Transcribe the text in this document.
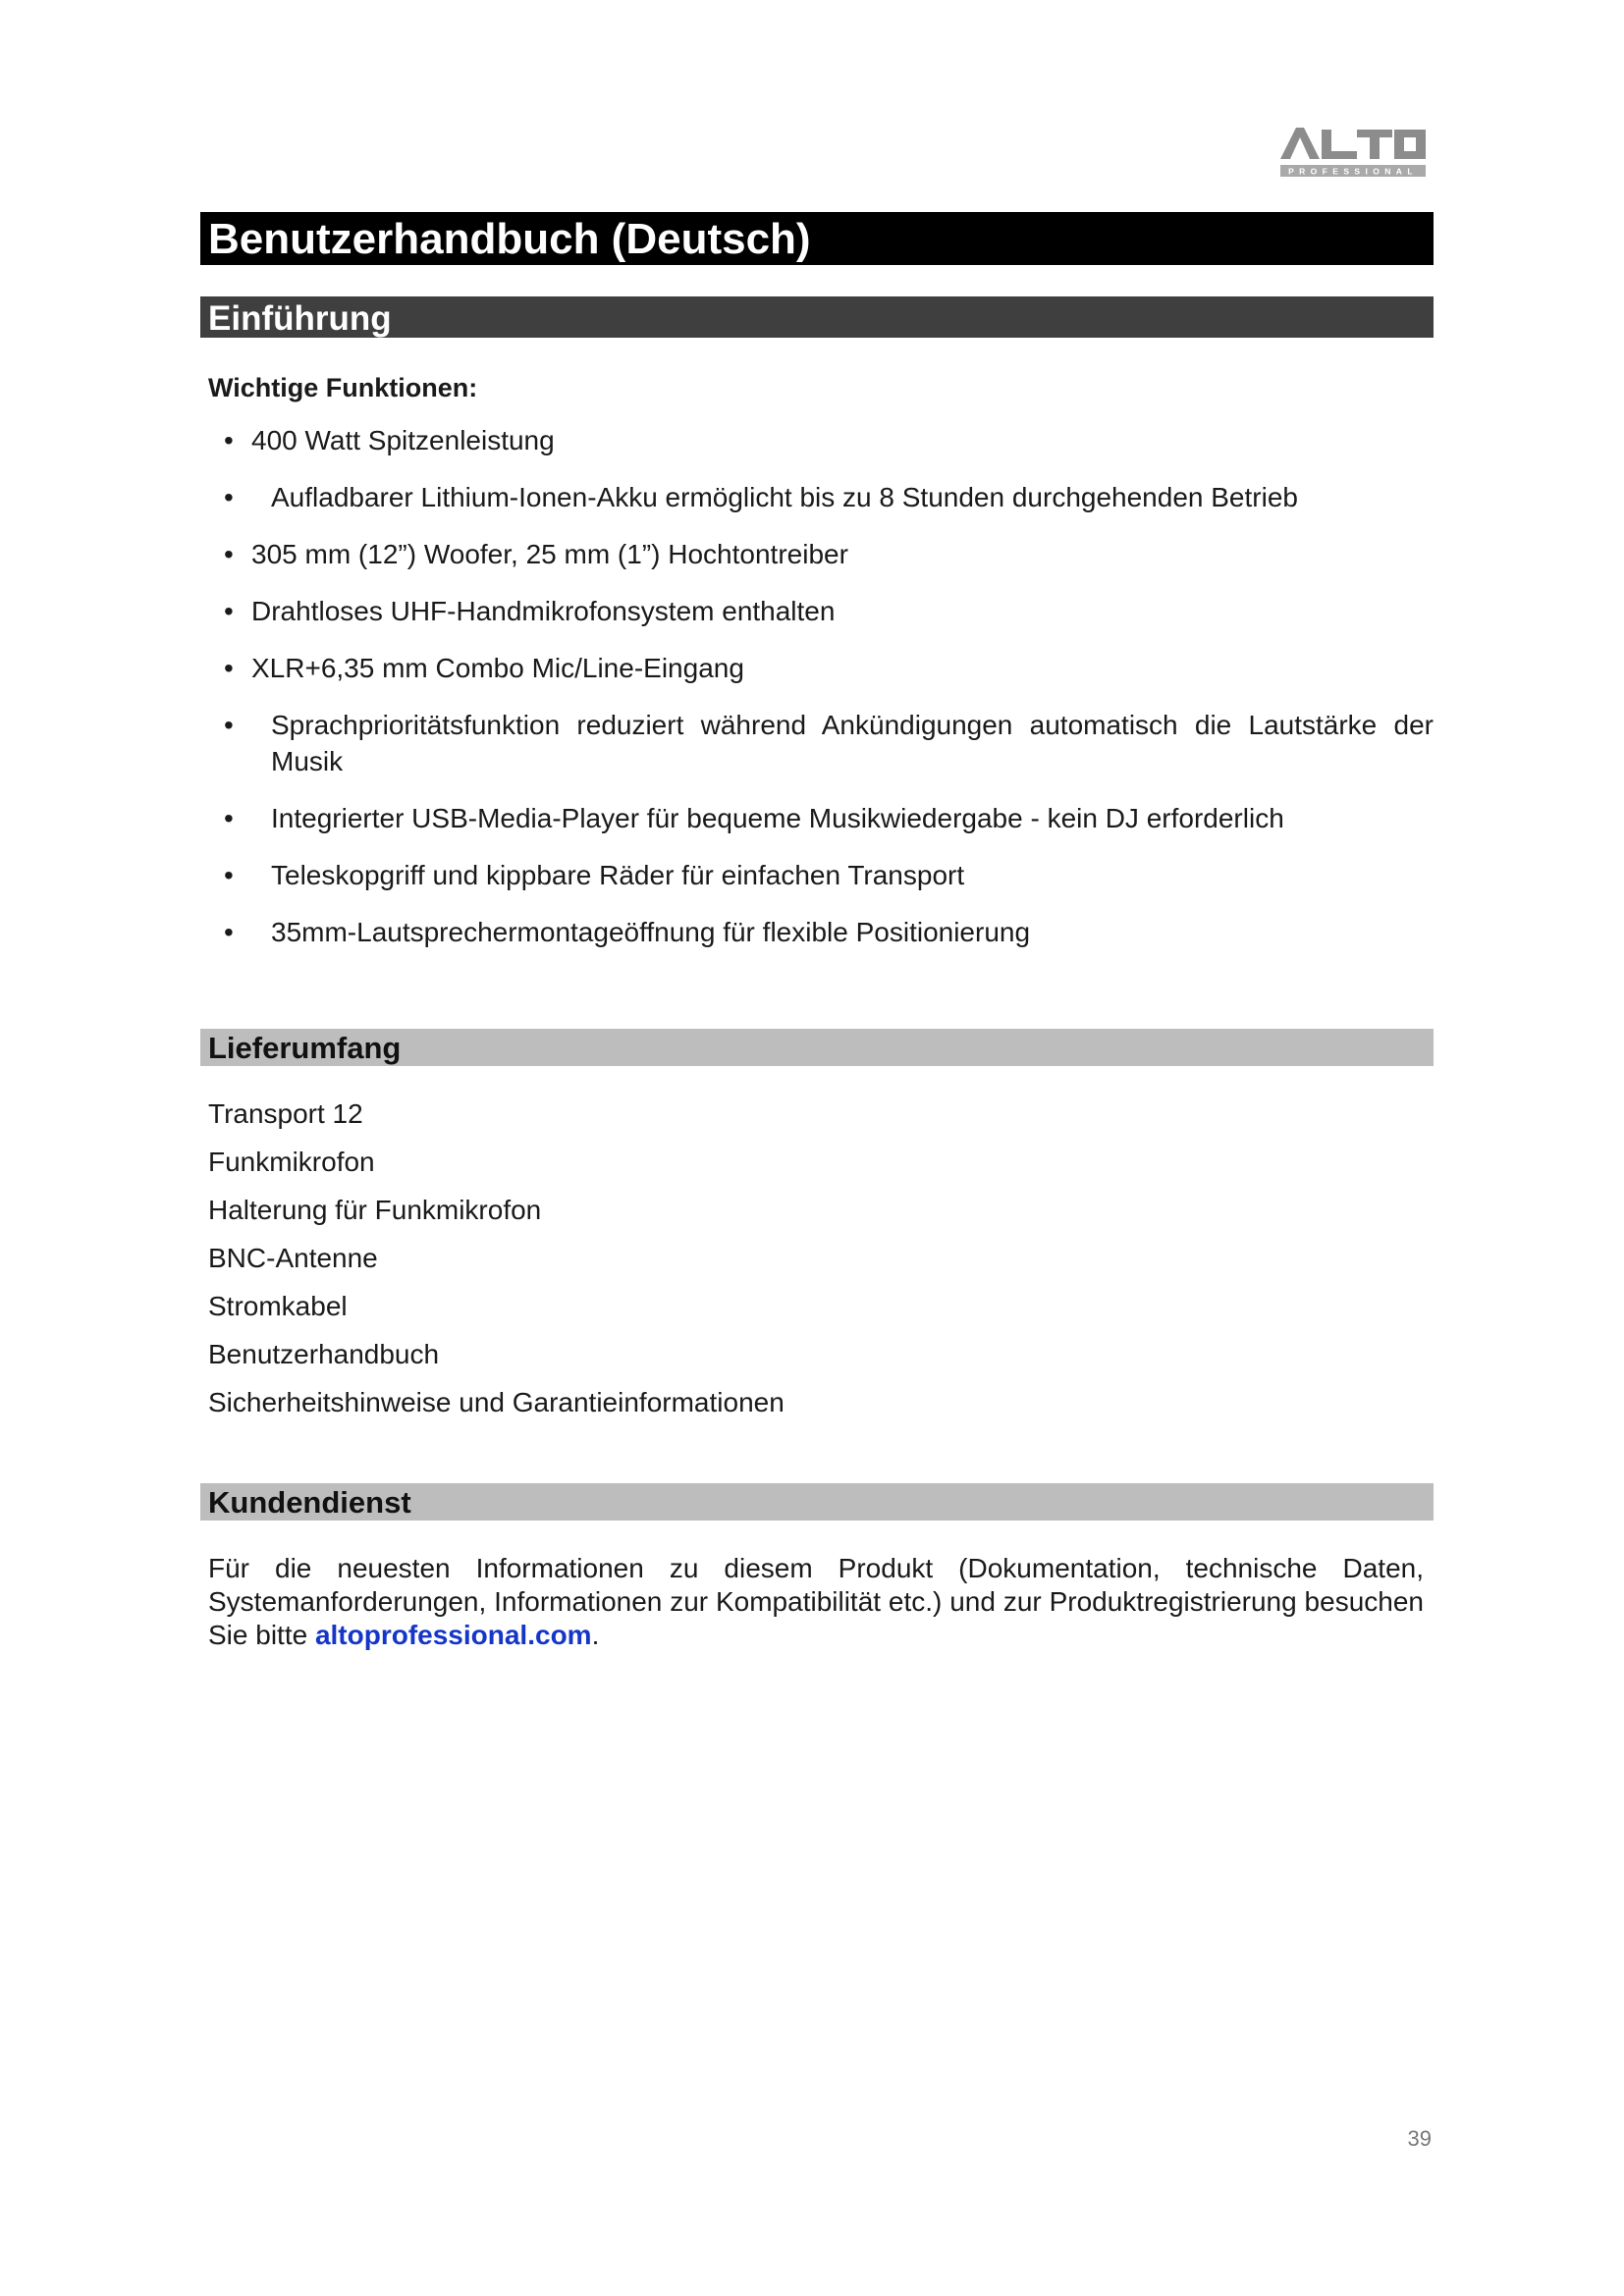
PROFESSIONAL
Benutzerhandbuch (Deutsch)
Einführung
Wichtige Funktionen:
• 400 Watt Spitzenleistung
• Aufladbarer Lithium-Ionen-Akku ermöglicht bis zu 8 Stunden durchgehenden Betrieb
• 305 mm (12”) Woofer, 25 mm (1”) Hochtontreiber
• Drahtloses UHF-Handmikrofonsystem enthalten
• XLR+6,35 mm Combo Mic/Line-Eingang
• Sprachprioritätsfunktion reduziert während Ankündigungen automatisch die Lautstärke der Musik
• Integrierter USB-Media-Player für bequeme Musikwiedergabe - kein DJ erforderlich
• Teleskopgriff und kippbare Räder für einfachen Transport
• 35mm-Lautsprechermontageöffnung für flexible Positionierung
Lieferumfang
Transport 12
Funkmikrofon
Halterung für Funkmikrofon
BNC-Antenne
Stromkabel
Benutzerhandbuch
Sicherheitshinweise und Garantieinformationen
Kundendienst

Für die neuesten Informationen zu diesem Produkt (Dokumentation, technische Daten, Systemanforderungen, Informationen zur Kompatibilität etc.) und zur Produktregistrierung besuchen Sie bitte altoprofessional.com.

39
